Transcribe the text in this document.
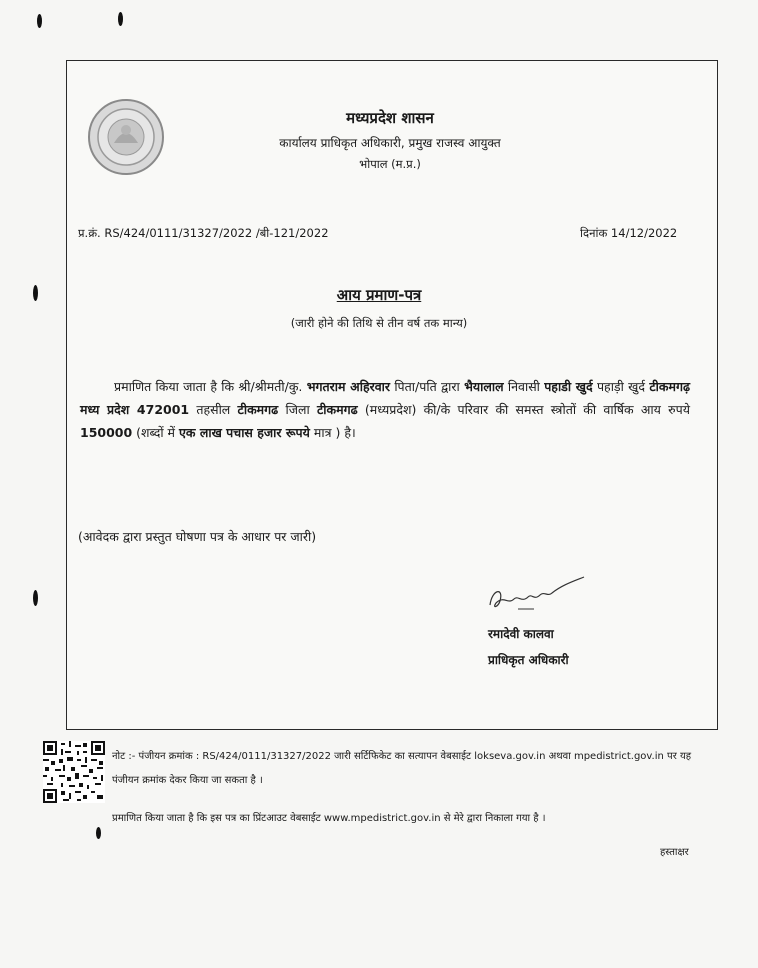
मध्यप्रदेश शासन
कार्यालय प्राधिकृत अधिकारी, प्रमुख राजस्व आयुक्त
भोपाल (म.प्र.)
प्र.क्रं. RS/424/0111/31327/2022 /बी-121/2022	दिनांक 14/12/2022
आय प्रमाण-पत्र
(जारी होने की तिथि से तीन वर्ष तक मान्य)
प्रमाणित किया जाता है कि श्री/श्रीमती/कु. भगतराम अहिरवार पिता/पति द्वारा भैयालाल निवासी पहाडी खुर्द पहाड़ी खुर्द टीकमगढ़ मध्य प्रदेश 472001 तहसील टीकमगढ जिला टीकमगढ (मध्यप्रदेश) की/के परिवार की समस्त स्त्रोतों की वार्षिक आय रुपये 150000 (शब्दों में एक लाख पचास हजार रूपये मात्र ) है।
(आवेदक द्वारा प्रस्तुत घोषणा पत्र के आधार पर जारी)
रमादेवी कालवा
प्राधिकृत अधिकारी
नोट :- पंजीयन क्रमांक : RS/424/0111/31327/2022 जारी सर्टिफिकेट का सत्यापन वेबसाईट lokseva.gov.in अथवा mpedistrict.gov.in पर यह पंजीयन क्रमांक देकर किया जा सकता है ।
प्रमाणित किया जाता है कि इस पत्र का प्रिंटआउट वेबसाईट www.mpedistrict.gov.in से मेरे द्वारा निकाला गया है ।
हस्ताक्षर
